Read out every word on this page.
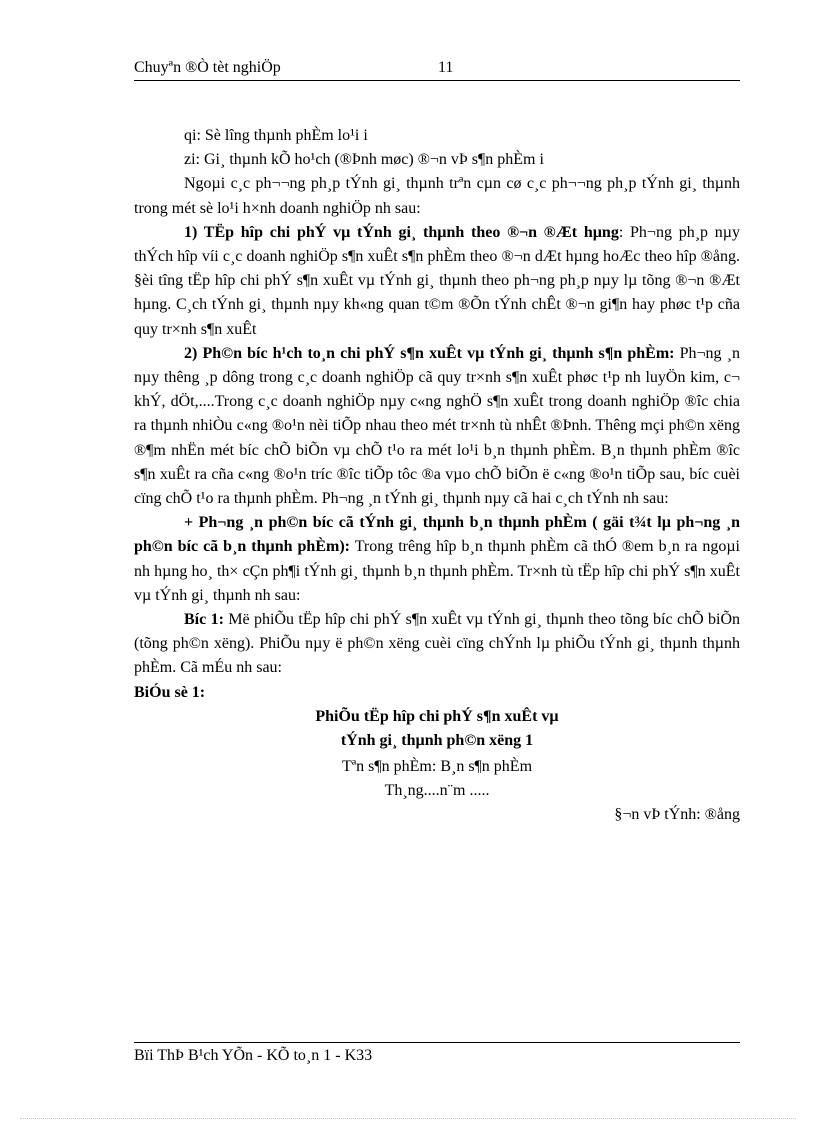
Chuyªn ®Ò tèt nghiÖp	11

qi: Sè lîng thµnh phÈm lo¹i i

zi: Gi¸ thµnh kÕ ho¹ch (®Þnh møc) ®¬n vÞ s¶n phÈm i

Ngoµi c¸c ph¬¬ng ph¸p tÝnh gi¸ thµnh trªn cµn cø c¸c ph¬¬ng ph¸p tÝnh gi¸ thµnh trong mét sè lo¹i h×nh doanh nghiÖp nh sau:

1) TËp hîp chi phÝ vµ tÝnh gi¸ thµnh theo ®¬n ®Æt hµng: Ph¬ng ph¸p nµy thÝch hîp víi c¸c doanh nghiÖp s¶n xuÊt s¶n phÈm theo ®¬n dÆt hµng hoÆc theo hîp ®ång. §èi tîng tËp hîp chi phÝ s¶n xuÊt vµ tÝnh gi¸ thµnh theo ph¬ng ph¸p nµy lµ tõng ®¬n ®Æt hµng. C¸ch tÝnh gi¸ thµnh nµy kh«ng quan t©m ®Õn tÝnh chÊt ®¬n gi¶n hay phøc t¹p cña quy tr×nh s¶n xuÊt

2) Ph©n bíc h¹ch to¸n chi phÝ s¶n xuÊt vµ tÝnh gi¸ thµnh s¶n phÈm: Ph¬ng ¸n nµy thêng ¸p dông trong c¸c doanh nghiÖp cã quy tr×nh s¶n xuÊt phøc t¹p nh luyÖn kim, c¬ khÝ, dÖt,....Trong c¸c doanh nghiÖp nµy c«ng nghÖ s¶n xuÊt trong doanh nghiÖp ®îc chia ra thµnh nhiÒu c«ng ®o¹n nèi tiÕp nhau theo mét tr×nh tù nhÊt ®Þnh. Thêng mçi ph©n xëng ®¶m nhËn mét bíc chÕ biÕn vµ chÕ t¹o ra mét lo¹i b¸n thµnh phÈm. B¸n thµnh phÈm ®îc s¶n xuÊt ra cña c«ng ®o¹n tríc ®îc tiÕp tôc ®a vµo chÕ biÕn ë c«ng ®o¹n tiÕp sau, bíc cuèi cïng chÕ t¹o ra thµnh phÈm. Ph¬ng ¸n tÝnh gi¸ thµnh nµy cã hai c¸ch tÝnh nh sau:

+ Ph¬ng ¸n ph©n bíc cã tÝnh gi¸ thµnh b¸n thµnh phÈm ( gäi t¾t lµ ph¬ng ¸n ph©n bíc cã b¸n thµnh phÈm): Trong trêng hîp b¸n thµnh phÈm cã thÓ ®em b¸n ra ngoµi nh hµng ho¸ th× cÇn ph¶i tÝnh gi¸ thµnh b¸n thµnh phÈm. Tr×nh tù tËp hîp chi phÝ s¶n xuÊt vµ tÝnh gi¸ thµnh nh sau:

Bíc 1: Më phiÕu tËp hîp chi phÝ s¶n xuÊt vµ tÝnh gi¸ thµnh theo tõng bíc chÕ biÕn (tõng ph©n xëng). PhiÕu nµy ë ph©n xëng cuèi cïng chÝnh lµ phiÕu tÝnh gi¸ thµnh thµnh phÈm. Cã mÉu nh sau:

BiÓu sè 1:

PhiÕu tËp hîp chi phÝ s¶n xuÊt vµ

tÝnh gi¸ thµnh ph©n xëng 1

Tªn s¶n phÈm: B¸n s¶n phÈm

Th¸ng....n¨m .....

§¬n vÞ tÝnh: ®ång

Bïi ThÞ B¹ch YÕn - KÕ to¸n 1 - K33
